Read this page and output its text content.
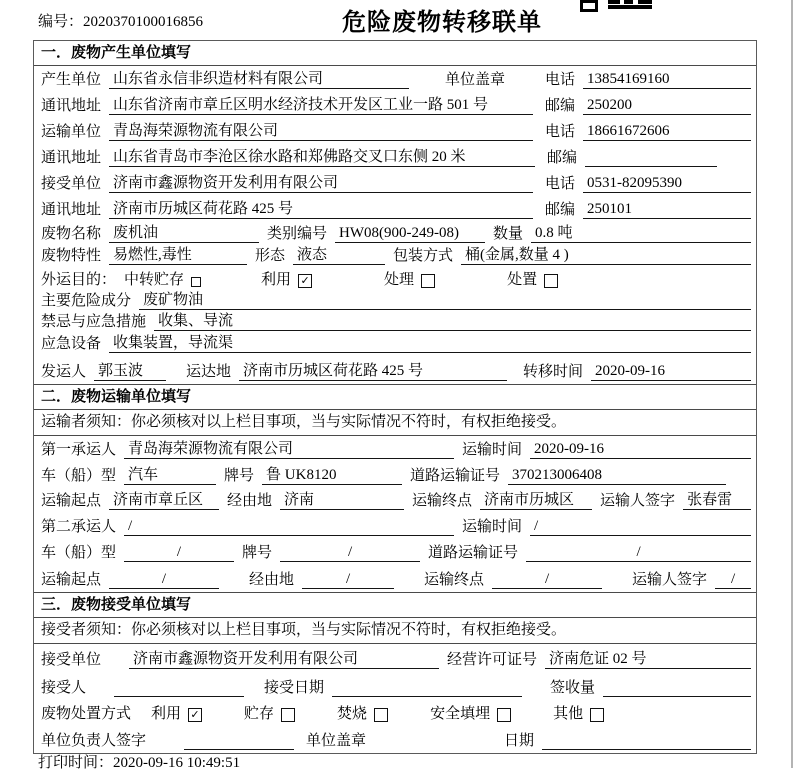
编号：2020370100016856	危险废物转移联单
一．废物产生单位填写
产生单位 山东省永信非织造材料有限公司	单位盖章	电话 13854169160
通讯地址 山东省济南市章丘区明水经济技术开发区工业一路 501 号	邮编 250200
运输单位 青岛海荣源物流有限公司	电话 18661672606
通讯地址 山东省青岛市李沧区徐水路和郑佛路交叉口东侧 20 米	邮编
接受单位 济南市鑫源物资开发利用有限公司	电话 0531-82095390
通讯地址 济南市历城区荷花路 425 号	邮编 250101
废物名称 废机油	类别编号 HW08(900-249-08)	数量 0.8 吨
废物特性 易燃性,毒性	形态 液态	包装方式 桶(金属,数量 4 )
外运目的： 中转贮存	利用 ✓	处理	处置
主要危险成分 废矿物油
禁忌与应急措施 收集、导流
应急设备 收集装置，导流渠
发运人 郭玉波	运达地 济南市历城区荷花路 425 号	转移时间 2020-09-16
二．废物运输单位填写
运输者须知：你必须核对以上栏目事项，当与实际情况不符时，有权拒绝接受。
第一承运人 青岛海荣源物流有限公司	运输时间 2020-09-16
车（船）型 汽车	牌号 鲁 UK8120	道路运输证号 370213006408
运输起点 济南市章丘区	经由地 济南	运输终点 济南市历城区	运输人签字 张春雷
第二承运人 /	运输时间 /
车（船）型	/	牌号	/	道路运输证号	/
运输起点	/	经由地	/	运输终点	/	运输人签字	/
三．废物接受单位填写
接受者须知：你必须核对以上栏目事项，当与实际情况不符时，有权拒绝接受。
接受单位 济南市鑫源物资开发利用有限公司	经营许可证号 济南危证 02 号
接受人	接受日期	签收量
废物处置方式 利用 ✓	贮存	焚烧	安全填埋	其他
单位负责人签字	单位盖章	日期
打印时间：2020-09-16 10:49:51
